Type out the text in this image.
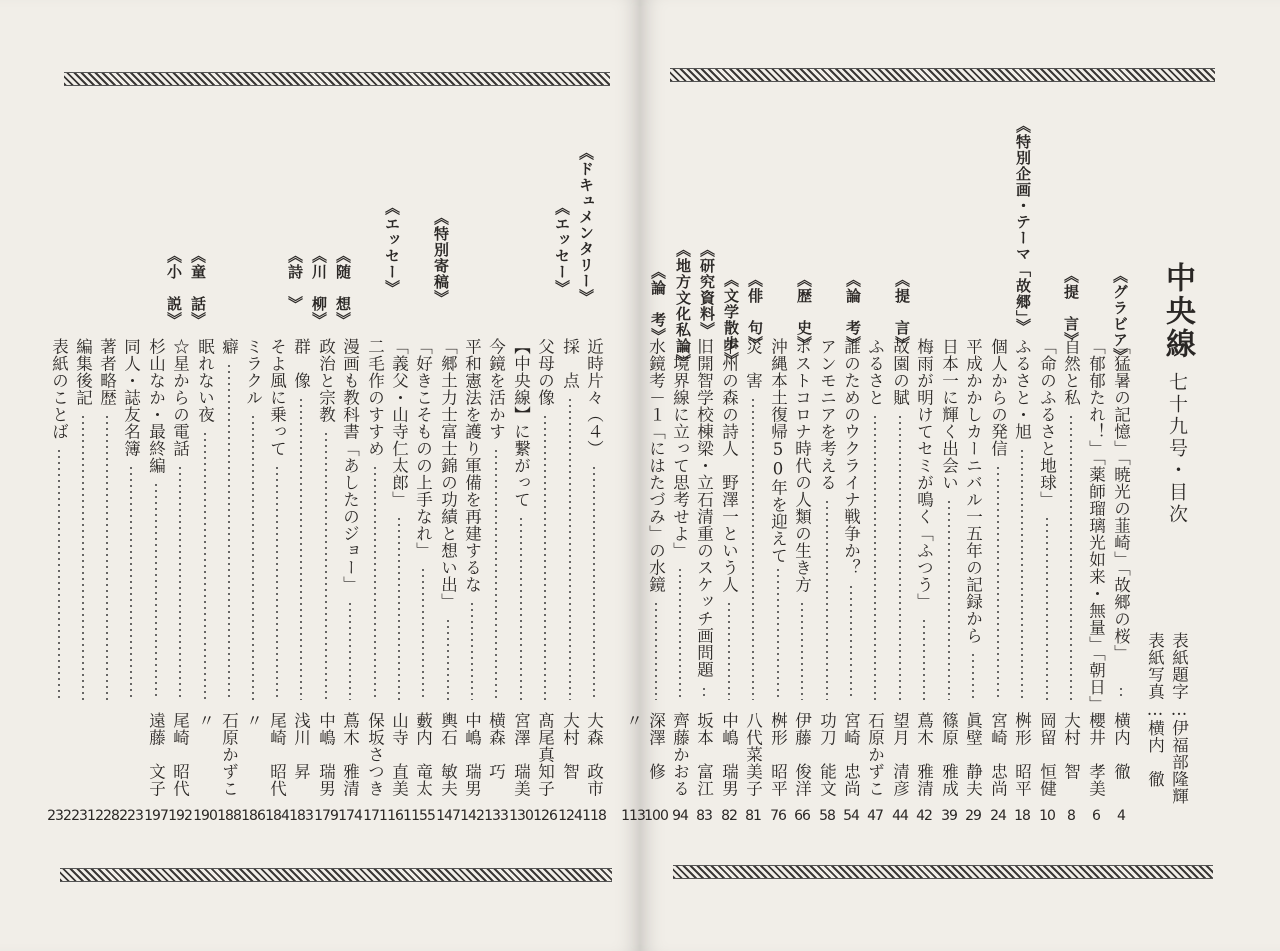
《ドキュメンタリー》
《エッセー》
《特別寄稿》
《エッセー》
《随　想》
《川　柳》
《詩　》
《童　話》
《小　説》
近時片々（４）
大森　政市
118
採　点
大村　智
124
父母の像
髙尾真知子
126
【中央線】に繋がって
宮澤　瑞美
130
今鏡を活かす
横森　巧
133
平和憲法を護り軍備を再建するな
中嶋　瑞男
142
「郷土力士富士錦の功績と想い出」
輿石　敏夫
147
「好きこそものの上手なれ」
藪内　竜太
155
「義父・山寺仁太郎」
山寺　直美
161
二毛作のすすめ
保坂さつき
171
漫画も教科書「あしたのジョー」
蔦木　雅清
174
政治と宗教
中嶋　瑞男
179
群　像
浅川　昇
183
そよ風に乗って
尾崎　昭代
184
ミラクル
〃
186
癖
石原かずこ
188
眠れない夜
〃
190
☆星からの電話
尾崎　昭代
192
杉山なか・最終編
遠藤　文子
197
同人・誌友名簿
223
著者略歴
228
編集後記
231
表紙のことば
232
中央線
七十九号・目次
表紙題字…伊福部隆輝
表紙写真…横内　徹
《グラビア》
《提　言》
《特別企画・テーマ「故郷」》
《提　言》
《論　考》
《歴　史》
《俳　句》
《文学散歩》
《研究資料》
《地方文化私論》
《論　考》
「猛暑の記憶」「暁光の韮崎」「故郷の桜」
横内　徹
4
「郁郁たれ！」「薬師瑠璃光如来・無量」「朝日」
櫻井　孝美
6
自然と私
大村　智
8
「命のふるさと地球」
岡留　恒健
10
ふるさと・旭
桝形　昭平
18
個人からの発信
宮崎　忠尚
24
平成かかしカーニバル一五年の記録から
眞壁　静夫
29
日本一に輝く出会い
篠原　雅成
39
梅雨が明けてセミが鳴く「ふつう」
蔦木　雅清
42
故園の賦
望月　清彦
44
ふるさと
石原かずこ
47
誰のためのウクライナ戦争か？
宮崎　忠尚
54
アンモニアを考える
功刀　能文
58
ポストコロナ時代の人類の生き方
伊藤　俊洋
66
沖縄本土復帰50年を迎えて
桝形　昭平
76
災　害
八代菜美子
81
甲州の森の詩人　野澤一という人
中嶋　瑞男
82
旧開智学校棟梁・立石清重のスケッチ画問題
坂本　富江
83
「境界線に立って思考せよ」
齊藤かおる
94
水鏡考－１「にはたづみ」の水鏡
深澤　修
100
〃
113
